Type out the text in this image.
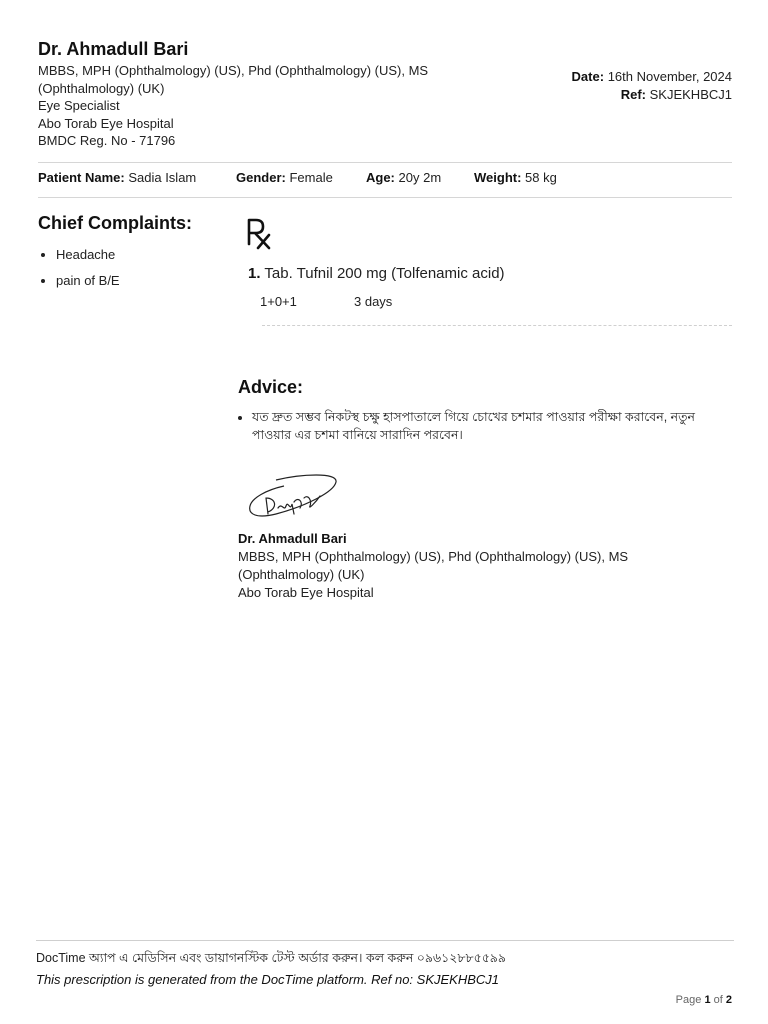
Dr. Ahmadull Bari
MBBS, MPH (Ophthalmology) (US), Phd (Ophthalmology) (US), MS (Ophthalmology) (UK)
Eye Specialist
Abo Torab Eye Hospital
BMDC Reg. No - 71796
Date: 16th November, 2024
Ref: SKJEKHBCJ1
Patient Name: Sadia Islam	Gender: Female	Age: 20y 2m	Weight: 58 kg
Chief Complaints:
• Headache
• pain of B/E	1. Tab. Tufnil 200 mg (Tolfenamic acid)
1+0+1	3 days
Advice:
• যত দ্রুত সম্ভব নিকটস্থ চক্ষু হাসপাতালে গিয়ে চোখের চশমার পাওয়ার পরীক্ষা করাবেন, নতুন পাওয়ার এর চশমা বানিয়ে সারাদিন পরবেন।
Dr. Ahmadull Bari
MBBS, MPH (Ophthalmology) (US), Phd (Ophthalmology) (US), MS (Ophthalmology) (UK)
Abo Torab Eye Hospital
DocTime অ্যাপ এ মেডিসিন এবং ডায়াগনস্টিক টেস্ট অর্ডার করুন। কল করুন ০৯৬১২৮৮৫৫৯৯
This prescription is generated from the DocTime platform. Ref no: SKJEKHBCJ1
Page 1 of 2
